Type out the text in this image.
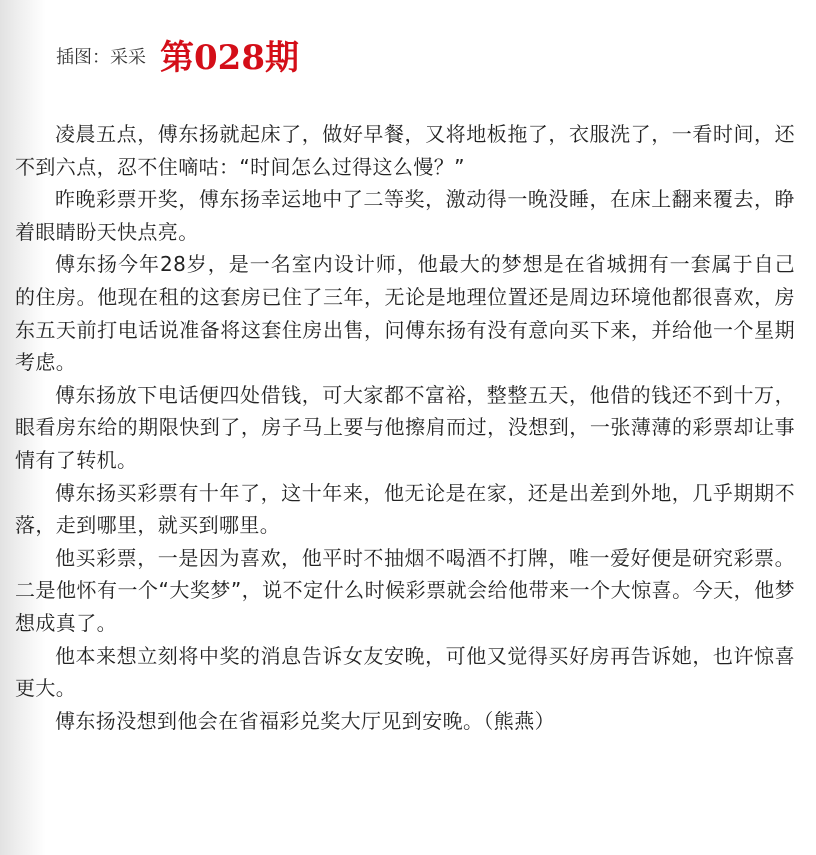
插图：采采 第028期

凌晨五点，傅东扬就起床了，做好早餐，又将地板拖了，衣服洗了，一看时间，还不到六点，忍不住嘀咕：“时间怎么过得这么慢？”

昨晚彩票开奖，傅东扬幸运地中了二等奖，激动得一晚没睡，在床上翻来覆去，睁着眼睛盼天快点亮。

傅东扬今年28岁，是一名室内设计师，他最大的梦想是在省城拥有一套属于自己的住房。他现在租的这套房已住了三年，无论是地理位置还是周边环境他都很喜欢，房东五天前打电话说准备将这套住房出售，问傅东扬有没有意向买下来，并给他一个星期考虑。

傅东扬放下电话便四处借钱，可大家都不富裕，整整五天，他借的钱还不到十万，眼看房东给的期限快到了，房子马上要与他擦肩而过，没想到，一张薄薄的彩票却让事情有了转机。

傅东扬买彩票有十年了，这十年来，他无论是在家，还是出差到外地，几乎期期不落，走到哪里，就买到哪里。

他买彩票，一是因为喜欢，他平时不抽烟不喝酒不打牌，唯一爱好便是研究彩票。二是他怀有一个“大奖梦”，说不定什么时候彩票就会给他带来一个大惊喜。今天，他梦想成真了。

他本来想立刻将中奖的消息告诉女友安晚，可他又觉得买好房再告诉她，也许惊喜更大。

傅东扬没想到他会在省福彩兑奖大厅见到安晚。（熊燕）
